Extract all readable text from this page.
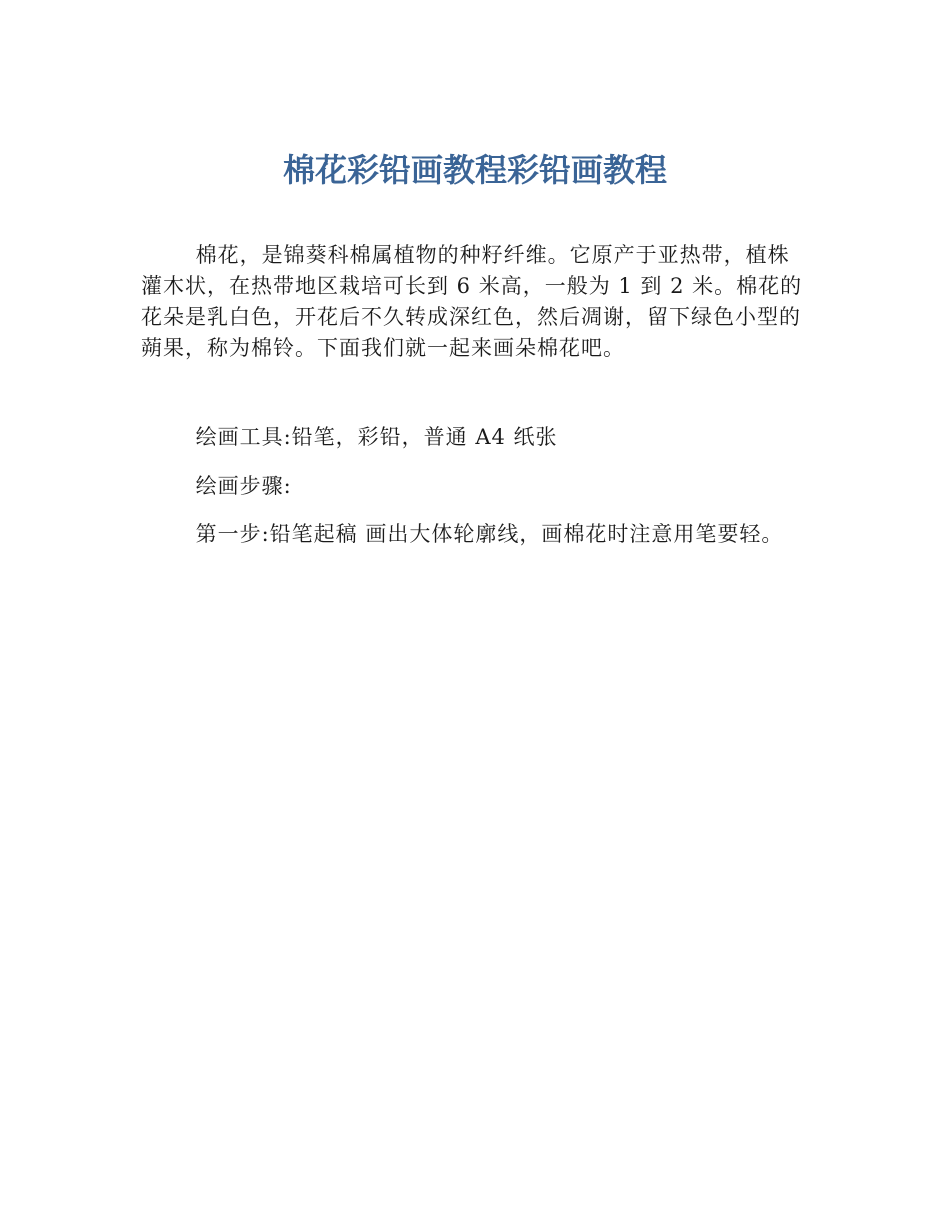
棉花彩铅画教程彩铅画教程

棉花，是锦葵科棉属植物的种籽纤维。它原产于亚热带，植株灌木状，在热带地区栽培可长到 6 米高，一般为 1 到 2 米。棉花的花朵是乳白色，开花后不久转成深红色，然后凋谢，留下绿色小型的蒴果，称为棉铃。下面我们就一起来画朵棉花吧。

绘画工具:铅笔，彩铅，普通 A4 纸张

绘画步骤:

第一步:铅笔起稿 画出大体轮廓线，画棉花时注意用笔要轻。
